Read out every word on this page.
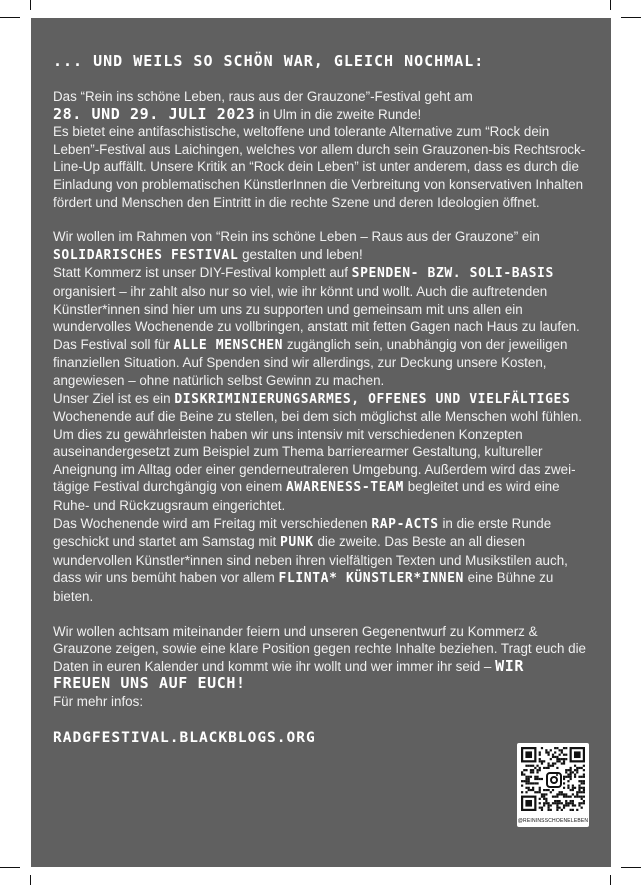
... UND WEILS SO SCHÖN WAR, GLEICH NOCHMAL:

Das “Rein ins schöne Leben, raus aus der Grauzone”-Festival geht am
28. UND 29. JULI 2023 in Ulm in die zweite Runde!
Es bietet eine antifaschistische, weltoffene und tolerante Alternative zum “Rock dein Leben”-Festival aus Laichingen, welches vor allem durch sein Grauzonen-bis Rechtsrock-Line-Up auffällt. Unsere Kritik an “Rock dein Leben” ist unter anderem, dass es durch die Einladung von problematischen KünstlerInnen die Verbreitung von konservativen Inhalten fördert und Menschen den Eintritt in die rechte Szene und deren Ideologien öffnet.

Wir wollen im Rahmen von “Rein ins schöne Leben – Raus aus der Grauzone” ein SOLIDARISCHES FESTIVAL gestalten und leben!
Statt Kommerz ist unser DIY-Festival komplett auf SPENDEN- BZW. SOLI-BASIS organisiert – ihr zahlt also nur so viel, wie ihr könnt und wollt. Auch die auftretenden Künstler*innen sind hier um uns zu supporten und gemeinsam mit uns allen ein wundervolles Wochenende zu vollbringen, anstatt mit fetten Gagen nach Haus zu laufen. Das Festival soll für ALLE MENSCHEN zugänglich sein, unabhängig von der jeweiligen finanziellen Situation. Auf Spenden sind wir allerdings, zur Deckung unsere Kosten, angewiesen – ohne natürlich selbst Gewinn zu machen.
Unser Ziel ist es ein DISKRIMINIERUNGSARMES, OFFENES UND VIELFÄLTIGES Wochenende auf die Beine zu stellen, bei dem sich möglichst alle Menschen wohl fühlen. Um dies zu gewährleisten haben wir uns intensiv mit verschiedenen Konzepten auseinandergesetzt zum Beispiel zum Thema barrierearmer Gestaltung, kultureller Aneignung im Alltag oder einer genderneutraleren Umgebung. Außerdem wird das zwei-tägige Festival durchgängig von einem AWARENESS-TEAM begleitet und es wird eine Ruhe- und Rückzugsraum eingerichtet.
Das Wochenende wird am Freitag mit verschiedenen RAP-ACTS in die erste Runde geschickt und startet am Samstag mit PUNK die zweite. Das Beste an all diesen wundervollen Künstler*innen sind neben ihren vielfältigen Texten und Musikstilen auch, dass wir uns bemüht haben vor allem FLINTA* KÜNSTLER*INNEN eine Bühne zu bieten.

Wir wollen achtsam miteinander feiern und unseren Gegenentwurf zu Kommerz & Grauzone zeigen, sowie eine klare Position gegen rechte Inhalte beziehen. Tragt euch die Daten in euren Kalender und kommt wie ihr wollt und wer immer ihr seid – WIR FREUEN UNS AUF EUCH!

Für mehr infos:

RADGFESTIVAL.BLACKBLOGS.ORG
@REININSSCHOENELEBEN
